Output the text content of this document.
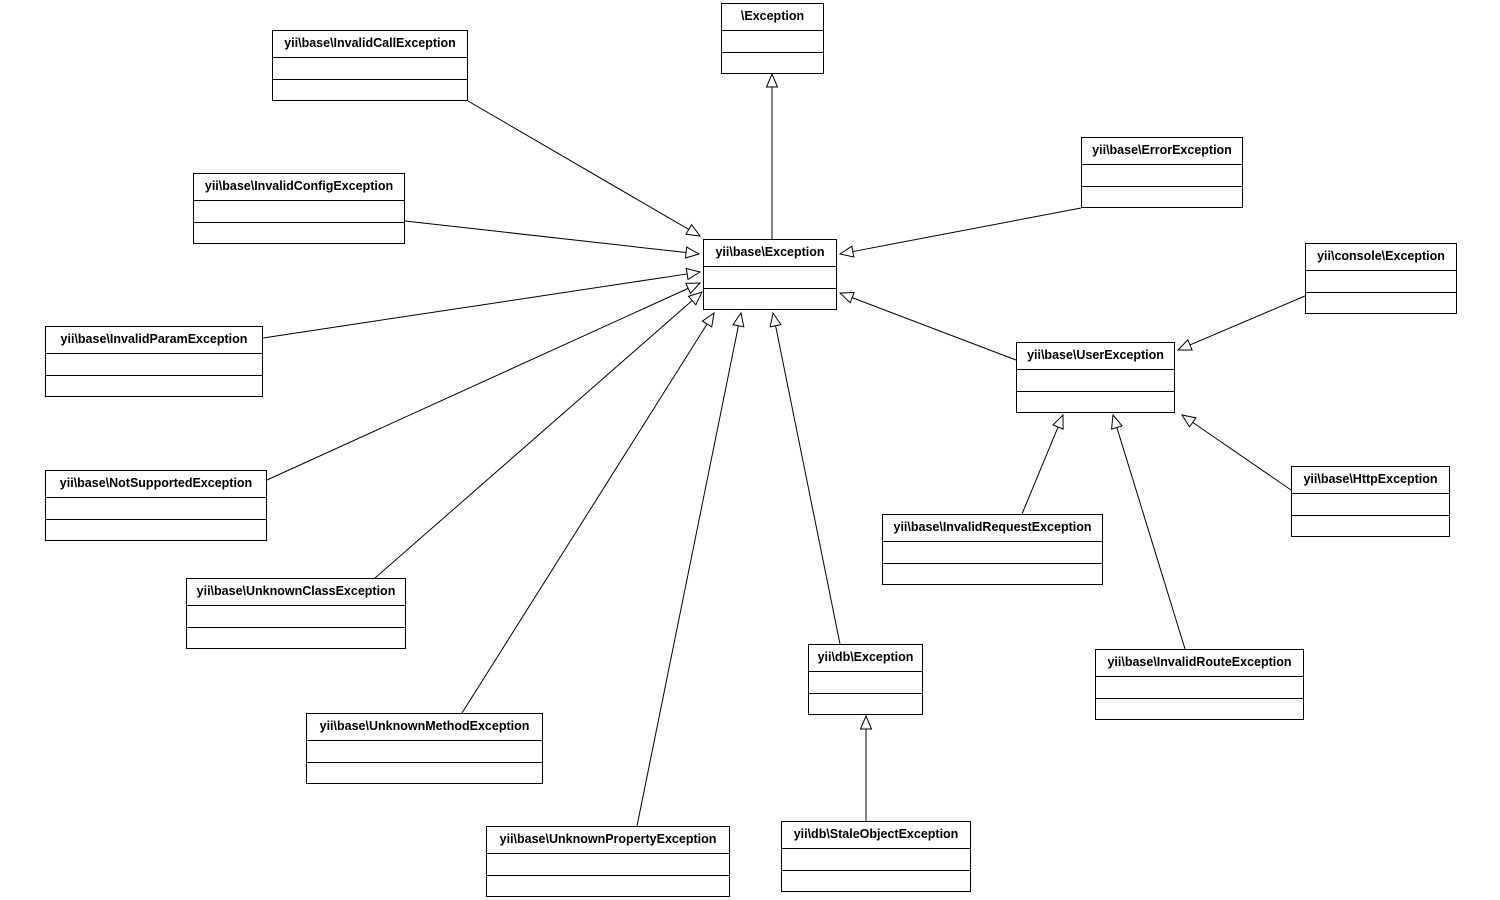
\Exception
yii\base\Exception
yii\base\InvalidCallException
yii\base\InvalidConfigException
yii\base\InvalidParamException
yii\base\NotSupportedException
yii\base\UnknownClassException
yii\base\UnknownMethodException
yii\base\UnknownPropertyException
yii\base\ErrorException
yii\console\Exception
yii\base\UserException
yii\base\HttpException
yii\base\InvalidRequestException
yii\base\InvalidRouteException
yii\db\Exception
yii\db\StaleObjectException
